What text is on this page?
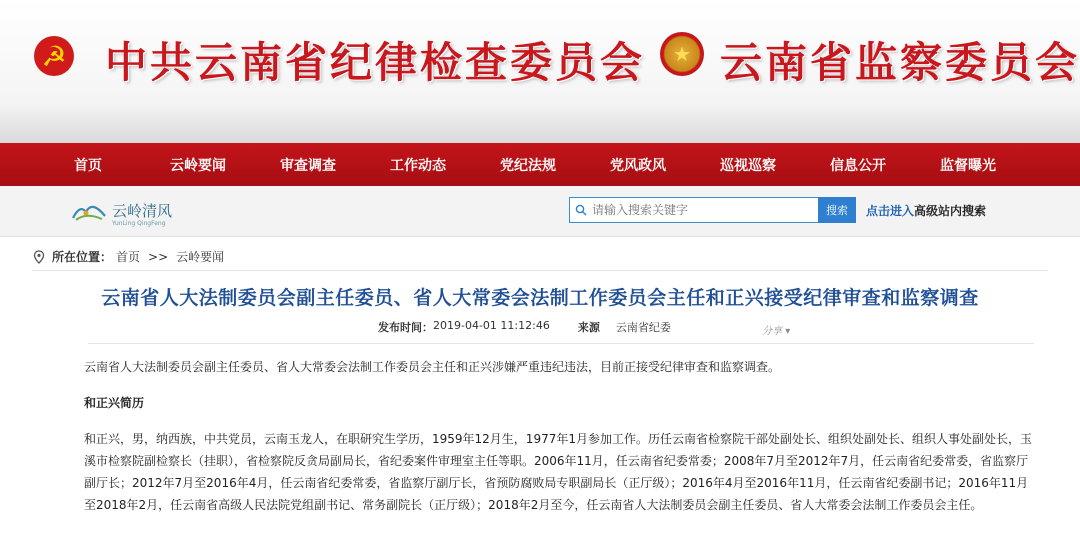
☭ 中共云南省纪律检查委员会	★ 云南省监察委员会
首页	云岭要闻	审查调查	工作动态	党纪法规	党风政风	巡视巡察	信息公开	监督曝光
云岭清风
YunLing QingFeng
请输入搜索关键字
搜索	点击进入高级站内搜索
所在位置： 首页 >> 云岭要闻
云南省人大法制委员会副主任委员、省人大常委会法制工作委员会主任和正兴接受纪律审查和监察调查
发布时间： 2019-04-01 11:12:46	来源 云南省纪委	分享 ▾

云南省人大法制委员会副主任委员、省人大常委会法制工作委员会主任和正兴涉嫌严重违纪违法，目前正接受纪律审查和监察调查。

和正兴简历

和正兴，男，纳西族，中共党员，云南玉龙人，在职研究生学历，1959年12月生，1977年1月参加工作。历任云南省检察院干部处副处长、组织处副处长、组织人事处副处长，玉溪市检察院副检察长（挂职），省检察院反贪局副局长，省纪委案件审理室主任等职。2006年11月，任云南省纪委常委；2008年7月至2012年7月，任云南省纪委常委，省监察厅副厅长；2012年7月至2016年4月，任云南省纪委常委，省监察厅副厅长，省预防腐败局专职副局长（正厅级）；2016年4月至2016年11月，任云南省纪委副书记；2016年11月至2018年2月，任云南省高级人民法院党组副书记、常务副院长（正厅级）；2018年2月至今，任云南省人大法制委员会副主任委员、省人大常委会法制工作委员会主任。
